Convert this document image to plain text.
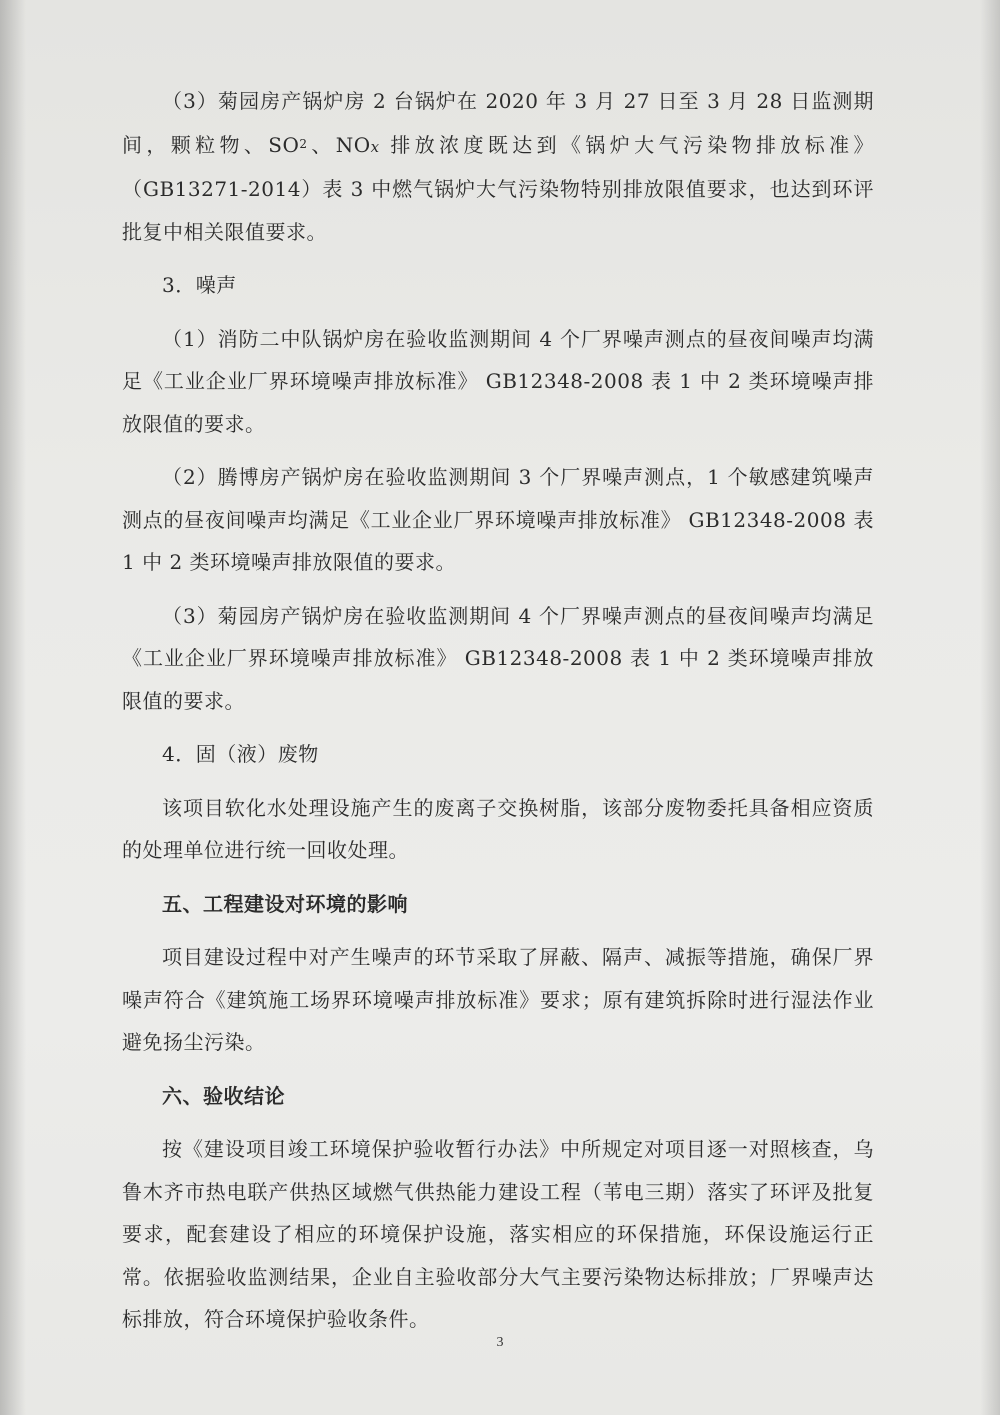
（3）菊园房产锅炉房 2 台锅炉在 2020 年 3 月 27 日至 3 月 28 日监测期间，颗粒物、$SO^2$、NOx 排放浓度既达到《锅炉大气污染物排放标准》（GB13271-2014）表 3 中燃气锅炉大气污染物特别排放限值要求，也达到环评批复中相关限值要求。

3．噪声

（1）消防二中队锅炉房在验收监测期间 4 个厂界噪声测点的昼夜间噪声均满足《工业企业厂界环境噪声排放标准》 GB12348-2008 表 1 中 2 类环境噪声排放限值的要求。

（2）腾博房产锅炉房在验收监测期间 3 个厂界噪声测点，1 个敏感建筑噪声测点的昼夜间噪声均满足《工业企业厂界环境噪声排放标准》 GB12348-2008 表 1 中 2 类环境噪声排放限值的要求。

（3）菊园房产锅炉房在验收监测期间 4 个厂界噪声测点的昼夜间噪声均满足《工业企业厂界环境噪声排放标准》 GB12348-2008 表 1 中 2 类环境噪声排放限值的要求。

4．固（液）废物

该项目软化水处理设施产生的废离子交换树脂，该部分废物委托具备相应资质的处理单位进行统一回收处理。

五、工程建设对环境的影响

项目建设过程中对产生噪声的环节采取了屏蔽、隔声、减振等措施，确保厂界噪声符合《建筑施工场界环境噪声排放标准》要求；原有建筑拆除时进行湿法作业避免扬尘污染。

六、验收结论

按《建设项目竣工环境保护验收暂行办法》中所规定对项目逐一对照核查，乌鲁木齐市热电联产供热区域燃气供热能力建设工程（苇电三期）落实了环评及批复要求，配套建设了相应的环境保护设施，落实相应的环保措施，环保设施运行正常。依据验收监测结果，企业自主验收部分大气主要污染物达标排放；厂界噪声达标排放，符合环境保护验收条件。

3
